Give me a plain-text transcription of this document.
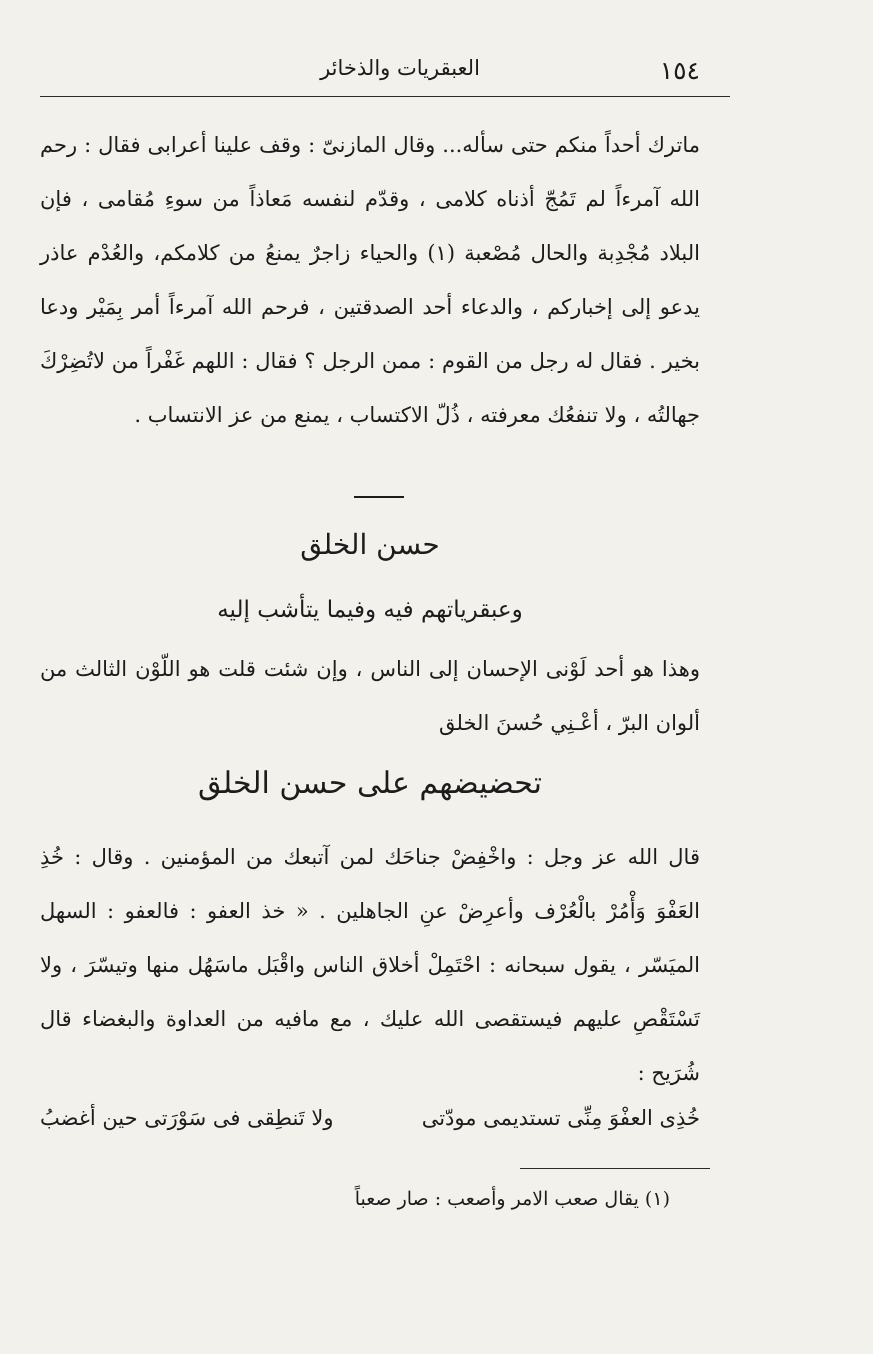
١٥٤
العبقريات والذخائر

ماترك أحداً منكم حتى سأله... وقال المازنىّ : وقف علينا أعرابى فقال : رحم الله آمرءاً لم تَمُجّ أذناه كلامى ، وقدّم لنفسه مَعاذاً من سوءِ مُقامى ، فإن البلاد مُجْدِبة والحال مُصْعبة (١) والحياء زاجرٌ يمنعُ من كلامكم، والعُدْم عاذر يدعو إلى إخباركم ، والدعاء أحد الصدقتين ، فرحم الله آمرءاً أمر بِمَيْر ودعا بخير . فقال له رجل من القوم : ممن الرجل ؟ فقال : اللهم غَفْراً من لاتُضِرْكَ جهالتُه ، ولا تنفعُك معرفته ، ذُلّ الاكتساب ، يمنع من عز الانتساب .

حسن الخلق
وعبقرياتهم فيه وفيما يتأشب إليه

وهذا هو أحد لَوْنى الإحسان إلى الناس ، وإن شئت قلت هو اللّوْن الثالث من ألوان البرّ ، أعْـنِي حُسنَ الخلق

تحضيضهم على حسن الخلق

قال الله عز وجل : واخْفِضْ جناحَك لمن آتبعك من المؤمنين . وقال : خُذِ العَفْوَ وَأْمُرْ بالْعُرْف وأعرِضْ عنِ الجاهلين . « خذ العفو : فالعفو : السهل الميَسّر ، يقول سبحانه : احْتَمِلْ أخلاق الناس واقْبَل ماسَهُل منها وتيسّرَ ، ولا تَسْتَقْصِ عليهم فيستقصى الله عليك ، مع مافيه من العداوة والبغضاء قال شُرَيح :

خُذِى العفْوَ مِنِّى تستديمى مودّتى
ولا تَنطِقى فى سَوْرَتى حين أغضبُ
(١) يقال صعب الامر وأصعب : صار صعباً
